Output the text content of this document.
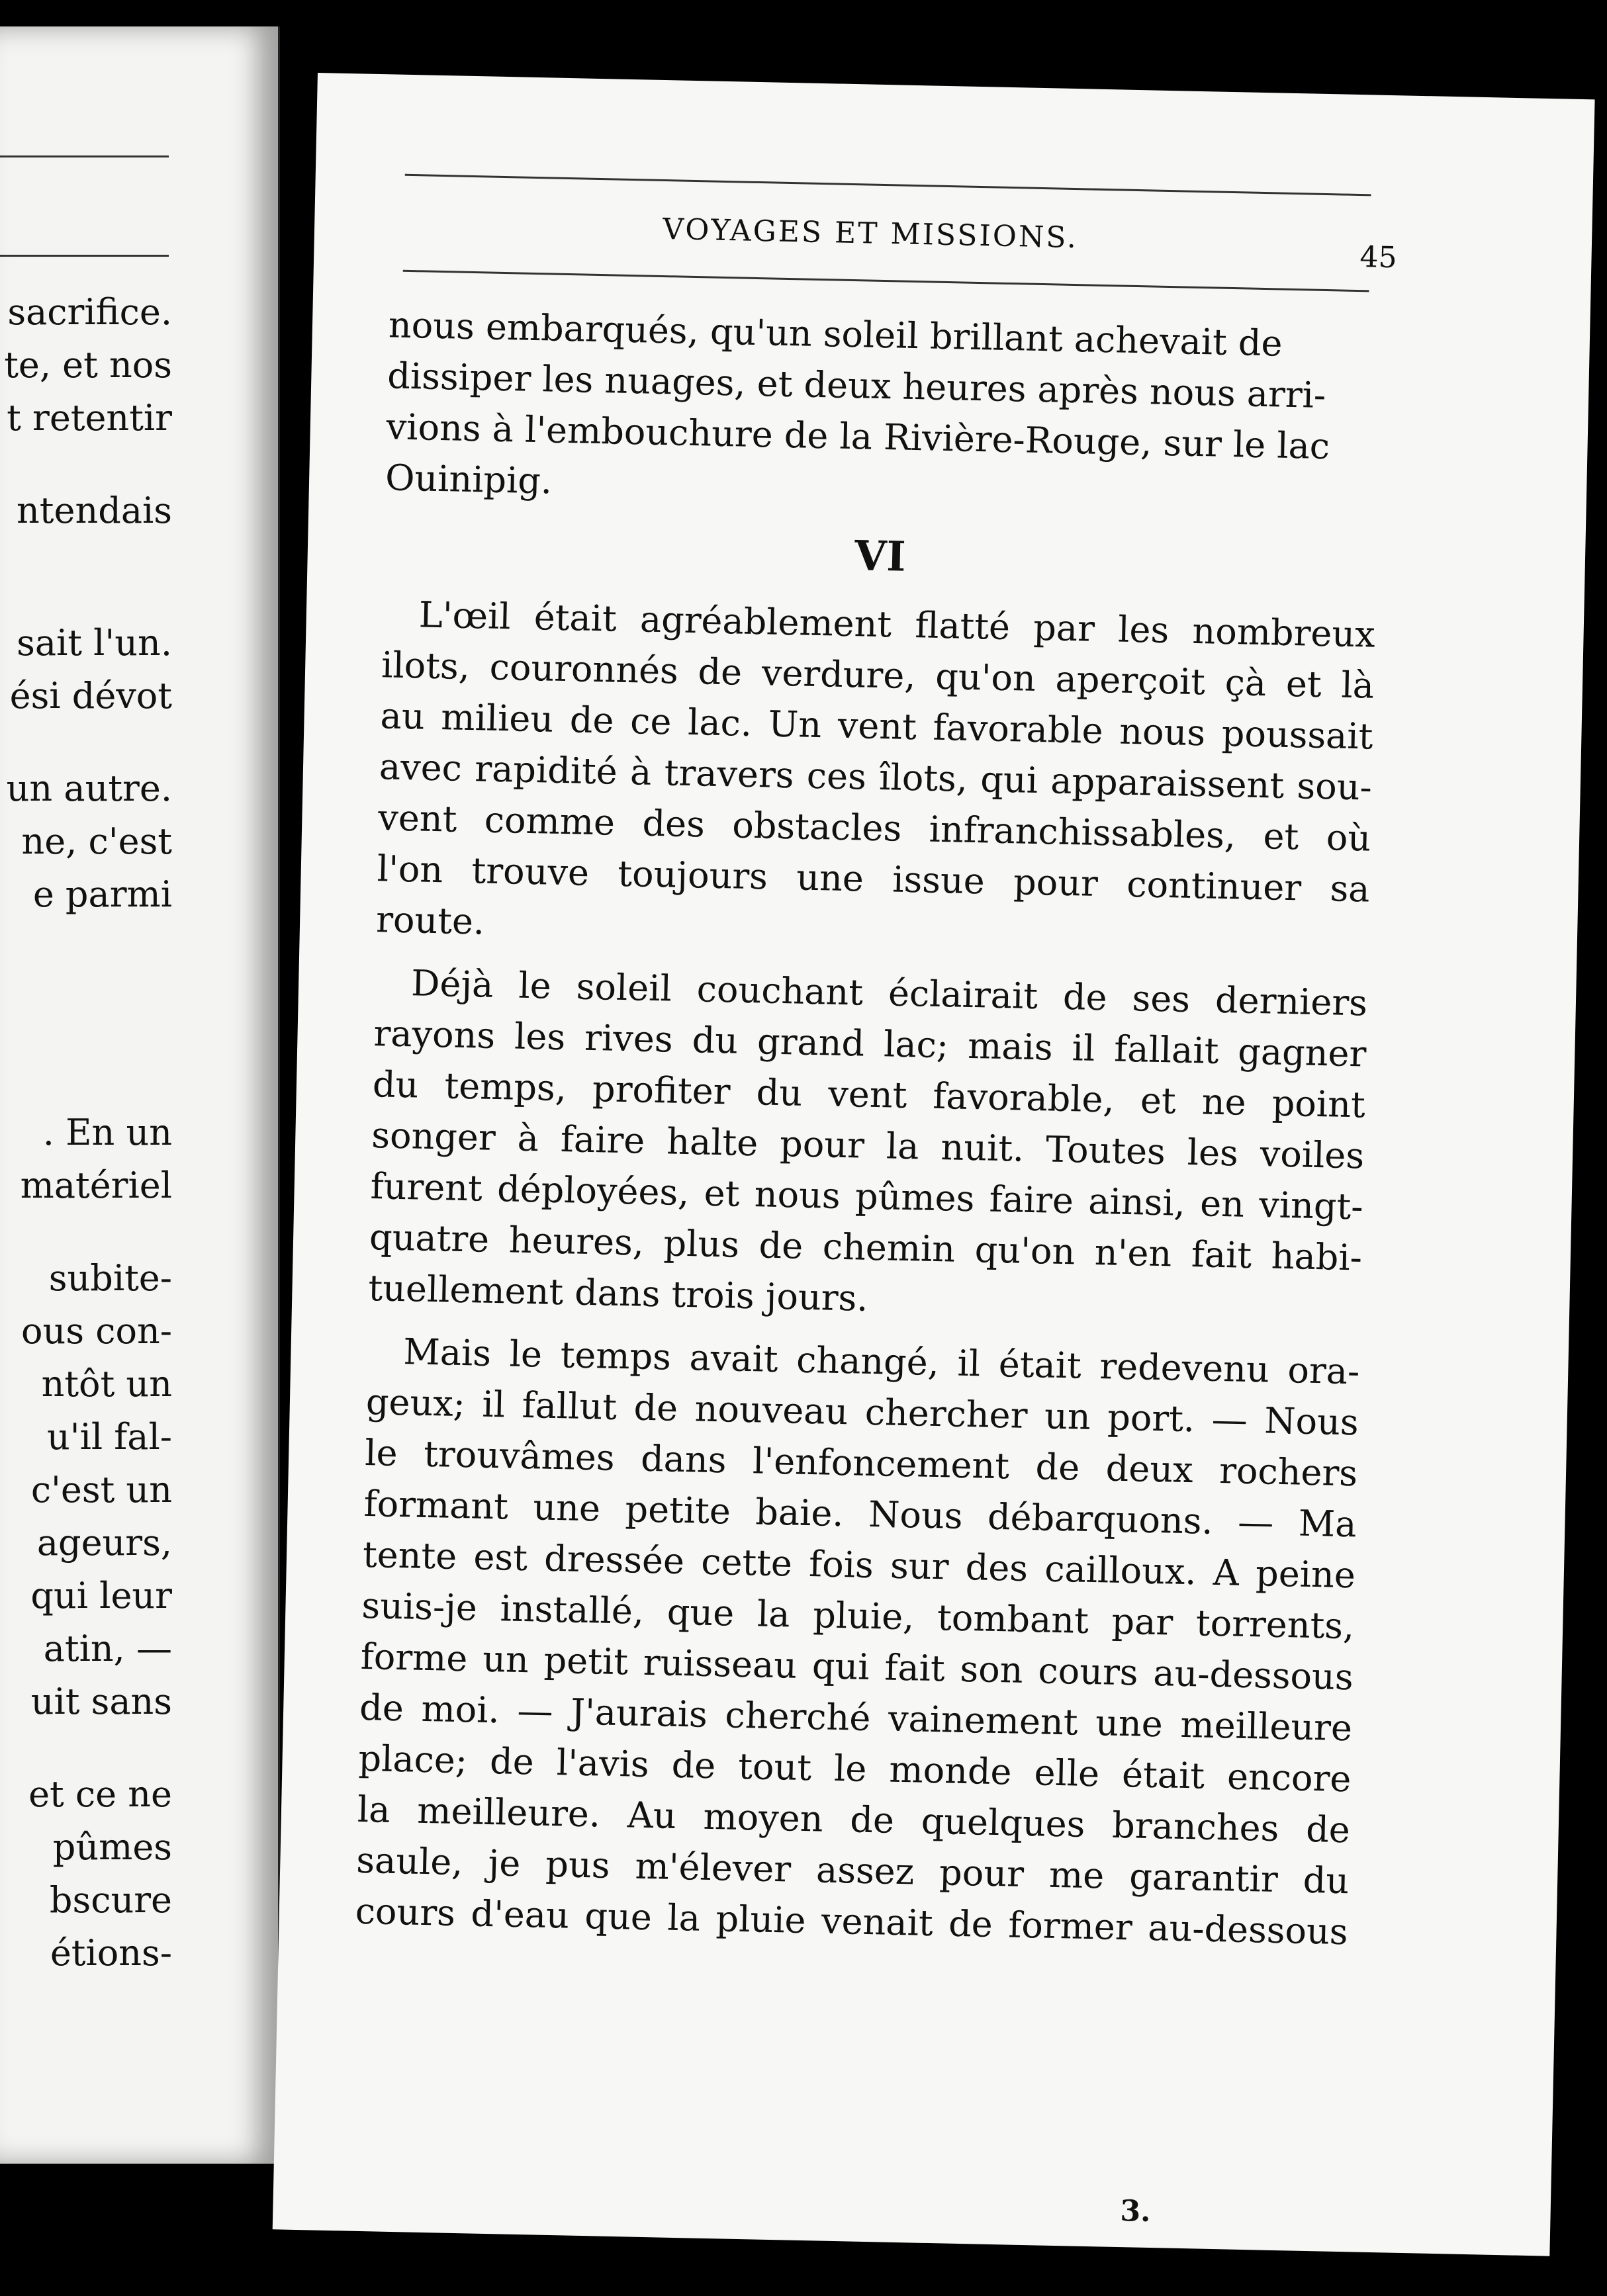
sacrifice.
te, et nos
t retentir
ntendais
sait l'un.
ési dévot
un autre.
ne, c'est
e parmi
. En un
matériel
subite-
ous con-
ntôt un
u'il fal-
c'est un
ageurs,
qui leur
atin, —
uit sans
et ce ne
pûmes
bscure
étions-
VOYAGES ET MISSIONS.
45

nous embarqués, qu'un soleil brillant achevait de
dissiper les nuages, et deux heures après nous arri-
vions à l'embouchure de la Rivière-Rouge, sur le lac
Ouinipig.

VI

L'œil était agréablement flatté par les nombreux
ilots, couronnés de verdure, qu'on aperçoit çà et là
au milieu de ce lac. Un vent favorable nous poussait
avec rapidité à travers ces îlots, qui apparaissent sou-
vent comme des obstacles infranchissables, et où
l'on trouve toujours une issue pour continuer sa
route.

Déjà le soleil couchant éclairait de ses derniers
rayons les rives du grand lac; mais il fallait gagner
du temps, profiter du vent favorable, et ne point
songer à faire halte pour la nuit. Toutes les voiles
furent déployées, et nous pûmes faire ainsi, en vingt-
quatre heures, plus de chemin qu'on n'en fait habi-
tuellement dans trois jours.

Mais le temps avait changé, il était redevenu ora-
geux; il fallut de nouveau chercher un port. — Nous
le trouvâmes dans l'enfoncement de deux rochers
formant une petite baie. Nous débarquons. — Ma
tente est dressée cette fois sur des cailloux. A peine
suis-je installé, que la pluie, tombant par torrents,
forme un petit ruisseau qui fait son cours au-dessous
de moi. — J'aurais cherché vainement une meilleure
place; de l'avis de tout le monde elle était encore
la meilleure. Au moyen de quelques branches de
saule, je pus m'élever assez pour me garantir du
cours d'eau que la pluie venait de former au-dessous

3.
